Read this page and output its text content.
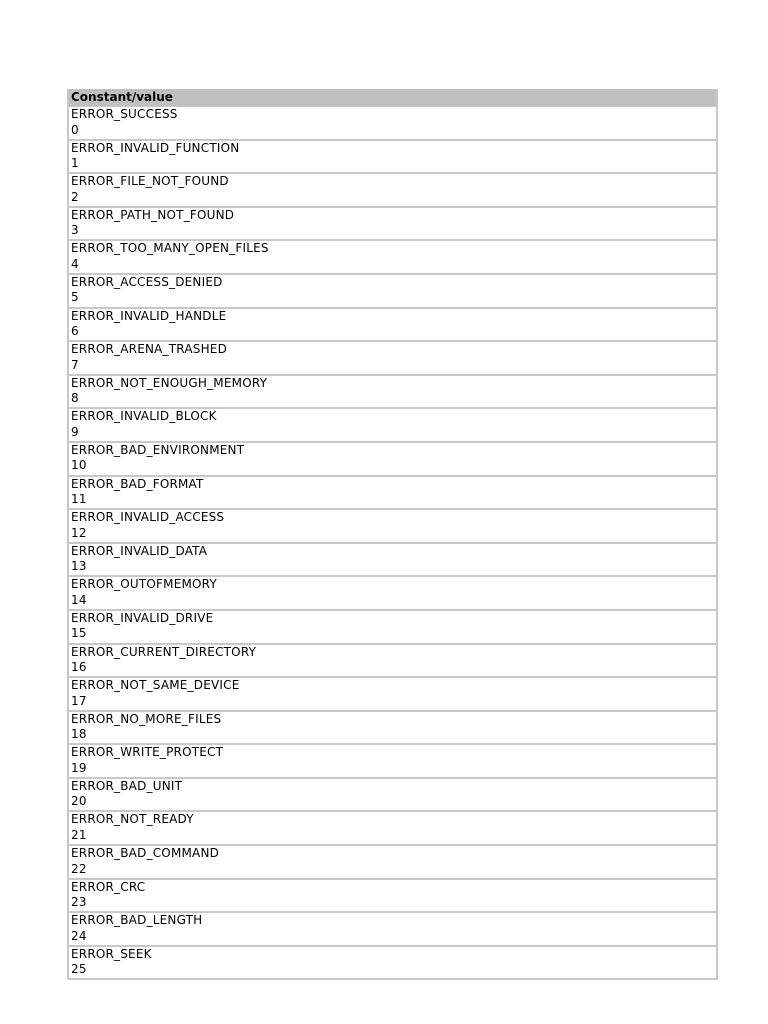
Constant/value
ERROR_SUCCESS
0
ERROR_INVALID_FUNCTION
1
ERROR_FILE_NOT_FOUND
2
ERROR_PATH_NOT_FOUND
3
ERROR_TOO_MANY_OPEN_FILES
4
ERROR_ACCESS_DENIED
5
ERROR_INVALID_HANDLE
6
ERROR_ARENA_TRASHED
7
ERROR_NOT_ENOUGH_MEMORY
8
ERROR_INVALID_BLOCK
9
ERROR_BAD_ENVIRONMENT
10
ERROR_BAD_FORMAT
11
ERROR_INVALID_ACCESS
12
ERROR_INVALID_DATA
13
ERROR_OUTOFMEMORY
14
ERROR_INVALID_DRIVE
15
ERROR_CURRENT_DIRECTORY
16
ERROR_NOT_SAME_DEVICE
17
ERROR_NO_MORE_FILES
18
ERROR_WRITE_PROTECT
19
ERROR_BAD_UNIT
20
ERROR_NOT_READY
21
ERROR_BAD_COMMAND
22
ERROR_CRC
23
ERROR_BAD_LENGTH
24
ERROR_SEEK
25
